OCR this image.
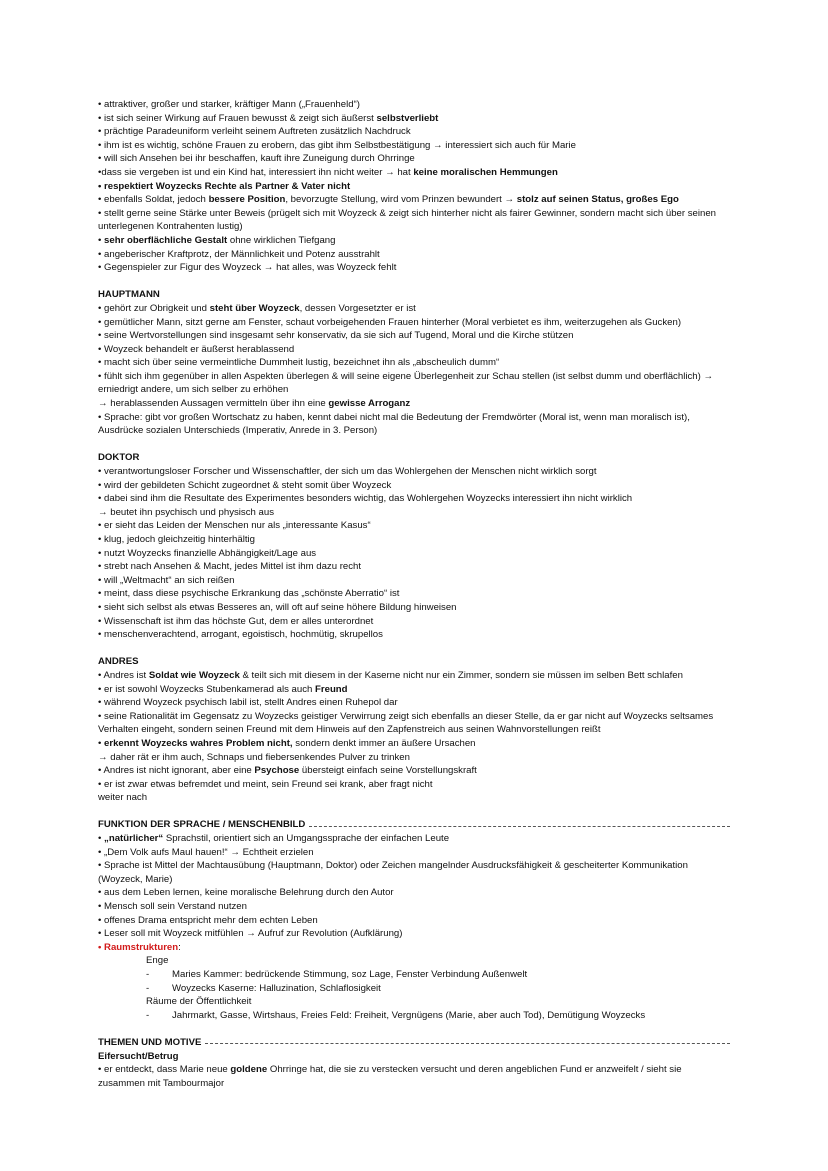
• attraktiver, großer und starker, kräftiger Mann („Frauenheld“)
• ist sich seiner Wirkung auf Frauen bewusst & zeigt sich äußerst selbstverliebt
• prächtige Paradeuniform verleiht seinem Auftreten zusätzlich Nachdruck
• ihm ist es wichtig, schöne Frauen zu erobern, das gibt ihm Selbstbestätigung → interessiert sich auch für Marie
• will sich Ansehen bei ihr beschaffen, kauft ihre Zuneigung durch Ohrringe
•dass sie vergeben ist und ein Kind hat, interessiert ihn nicht weiter → hat keine moralischen Hemmungen
• respektiert Woyzecks Rechte als Partner & Vater nicht
• ebenfalls Soldat, jedoch bessere Position, bevorzugte Stellung, wird vom Prinzen bewundert → stolz auf seinen Status, großes Ego
• stellt gerne seine Stärke unter Beweis (prügelt sich mit Woyzeck & zeigt sich hinterher nicht als fairer Gewinner, sondern macht sich über seinen unterlegenen Kontrahenten lustig)
• sehr oberflächliche Gestalt ohne wirklichen Tiefgang
• angeberischer Kraftprotz, der Männlichkeit und Potenz ausstrahlt
• Gegenspieler zur Figur des Woyzeck → hat alles, was Woyzeck fehlt
HAUPTMANN
• gehört zur Obrigkeit und steht über Woyzeck, dessen Vorgesetzter er ist
• gemütlicher Mann, sitzt gerne am Fenster, schaut vorbeigehenden Frauen hinterher (Moral verbietet es ihm, weiterzugehen als Gucken)
• seine Wertvorstellungen sind insgesamt sehr konservativ, da sie sich auf Tugend, Moral und die Kirche stützen
• Woyzeck behandelt er äußerst herablassend
• macht sich über seine vermeintliche Dummheit lustig, bezeichnet ihn als „abscheulich dumm“
• fühlt sich ihm gegenüber in allen Aspekten überlegen & will seine eigene Überlegenheit zur Schau stellen (ist selbst dumm und oberflächlich) → erniedrigt andere, um sich selber zu erhöhen
→ herablassenden Aussagen vermitteln über ihn eine gewisse Arroganz
• Sprache: gibt vor großen Wortschatz zu haben, kennt dabei nicht mal die Bedeutung der Fremdwörter (Moral ist, wenn man moralisch ist), Ausdrücke sozialen Unterschieds (Imperativ, Anrede in 3. Person)
DOKTOR
• verantwortungsloser Forscher und Wissenschaftler, der sich um das Wohlergehen der Menschen nicht wirklich sorgt
• wird der gebildeten Schicht zugeordnet & steht somit über Woyzeck
• dabei sind ihm die Resultate des Experimentes besonders wichtig, das Wohlergehen Woyzecks interessiert ihn nicht wirklich
→ beutet ihn psychisch und physisch aus
• er sieht das Leiden der Menschen nur als „interessante Kasus“
• klug, jedoch gleichzeitig hinterhältig
• nutzt Woyzecks finanzielle Abhängigkeit/Lage aus
• strebt nach Ansehen & Macht, jedes Mittel ist ihm dazu recht
• will „Weltmacht“ an sich reißen
• meint, dass diese psychische Erkrankung das „schönste Aberratio“ ist
• sieht sich selbst als etwas Besseres an, will oft auf seine höhere Bildung hinweisen
• Wissenschaft ist ihm das höchste Gut, dem er alles unterordnet
• menschenverachtend, arrogant, egoistisch, hochmütig, skrupellos
ANDRES
• Andres ist Soldat wie Woyzeck & teilt sich mit diesem in der Kaserne nicht nur ein Zimmer, sondern sie müssen im selben Bett schlafen
• er ist sowohl Woyzecks Stubenkamerad als auch Freund
• während Woyzeck psychisch labil ist, stellt Andres einen Ruhepol dar
• seine Rationalität im Gegensatz zu Woyzecks geistiger Verwirrung zeigt sich ebenfalls an dieser Stelle, da er gar nicht auf Woyzecks seltsames Verhalten eingeht, sondern seinen Freund mit dem Hinweis auf den Zapfenstreich aus seinen Wahnvorstellungen reißt
• erkennt Woyzecks wahres Problem nicht, sondern denkt immer an äußere Ursachen
→ daher rät er ihm auch, Schnaps und fiebersenkendes Pulver zu trinken
• Andres ist nicht ignorant, aber eine Psychose übersteigt einfach seine Vorstellungskraft
• er ist zwar etwas befremdet und meint, sein Freund sei krank, aber fragt nicht
weiter nach
FUNKTION DER SPRACHE / MENSCHENBILD
• „natürlicher“ Sprachstil, orientiert sich an Umgangssprache der einfachen Leute
• „Dem Volk aufs Maul hauen!“ → Echtheit erzielen
• Sprache ist Mittel der Machtausübung (Hauptmann, Doktor) oder Zeichen mangelnder Ausdrucksfähigkeit & gescheiterter Kommunikation (Woyzeck, Marie)
• aus dem Leben lernen, keine moralische Belehrung durch den Autor
• Mensch soll sein Verstand nutzen
• offenes Drama entspricht mehr dem echten Leben
• Leser soll mit Woyzeck mitfühlen → Aufruf zur Revolution (Aufklärung)
• Raumstrukturen:
Enge
-	Maries Kammer: bedrückende Stimmung, soz Lage, Fenster Verbindung Außenwelt
-	Woyzecks Kaserne: Halluzination, Schlaflosigkeit
Räume der Öffentlichkeit
-	Jahrmarkt, Gasse, Wirtshaus, Freies Feld: Freiheit, Vergnügens (Marie, aber auch Tod), Demütigung Woyzecks
THEMEN UND MOTIVE
Eifersucht/Betrug
• er entdeckt, dass Marie neue goldene Ohrringe hat, die sie zu verstecken versucht und deren angeblichen Fund er anzweifelt / sieht sie zusammen mit Tambourmajor
